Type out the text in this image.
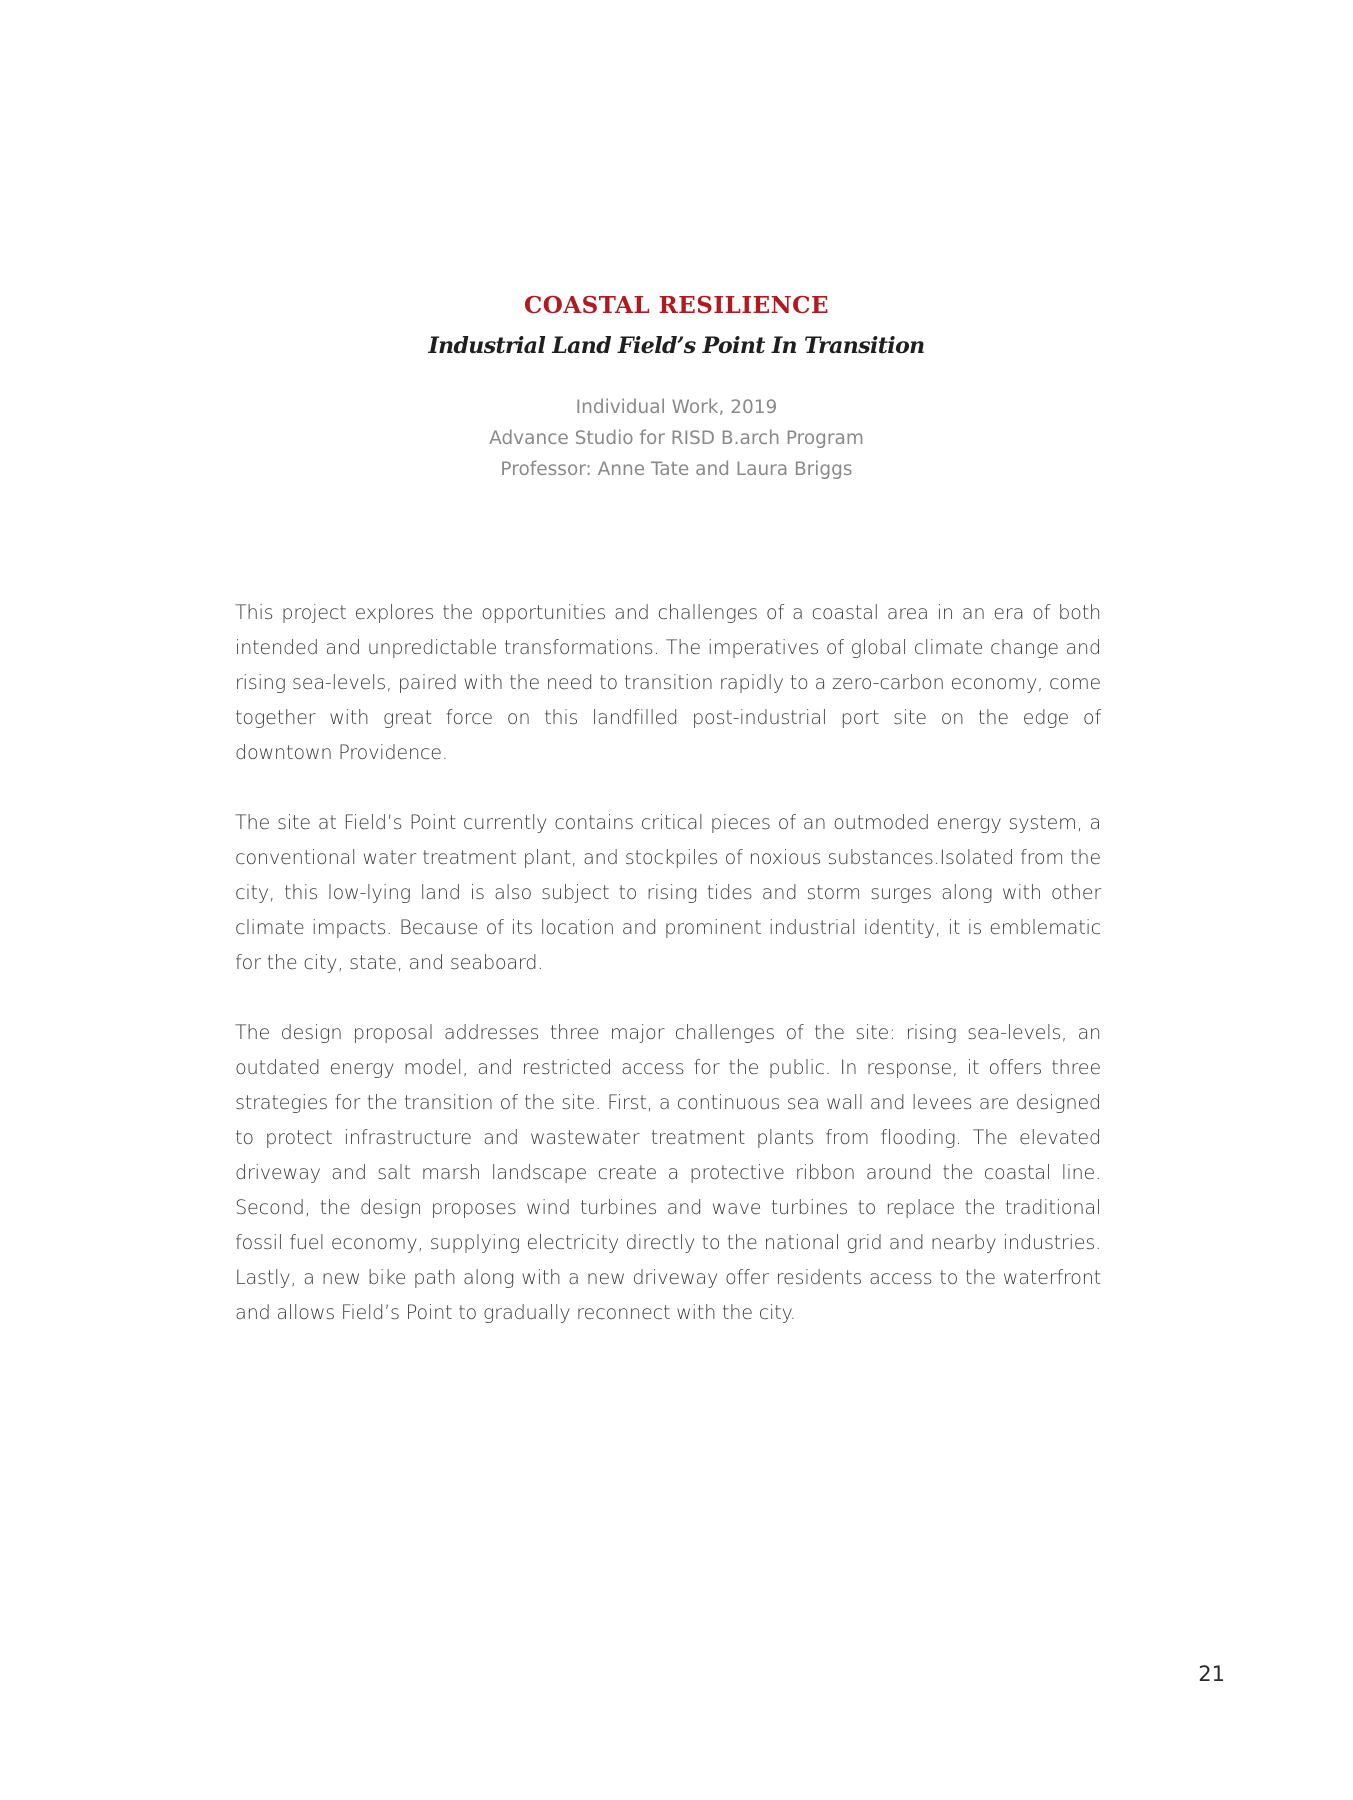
COASTAL RESILIENCE
Industrial Land Field’s Point In Transition
Individual Work, 2019
Advance Studio for RISD B.arch Program
Professor: Anne Tate and Laura Briggs

This project explores the opportunities and challenges of a coastal area in an era of both intended and unpredictable transformations. The imperatives of global climate change and rising sea-levels, paired with the need to transition rapidly to a zero-carbon economy, come together with great force on this landfilled post-industrial port site on the edge of downtown Providence.

The site at Field’s Point currently contains critical pieces of an outmoded energy system, a conventional water treatment plant, and stockpiles of noxious substances.Isolated from the city, this low-lying land is also subject to rising tides and storm surges along with other climate impacts. Because of its location and prominent industrial identity, it is emblematic for the city, state, and seaboard.

The design proposal addresses three major challenges of the site: rising sea-levels, an outdated energy model, and restricted access for the public. In response, it offers three strategies for the transition of the site. First, a continuous sea wall and levees are designed to protect infrastructure and wastewater treatment plants from flooding. The elevated driveway and salt marsh landscape create a protective ribbon around the coastal line. Second, the design proposes wind turbines and wave turbines to replace the traditional fossil fuel economy, supplying electricity directly to the national grid and nearby industries. Lastly, a new bike path along with a new driveway offer residents access to the waterfront and allows Field’s Point to gradually reconnect with the city.

21
